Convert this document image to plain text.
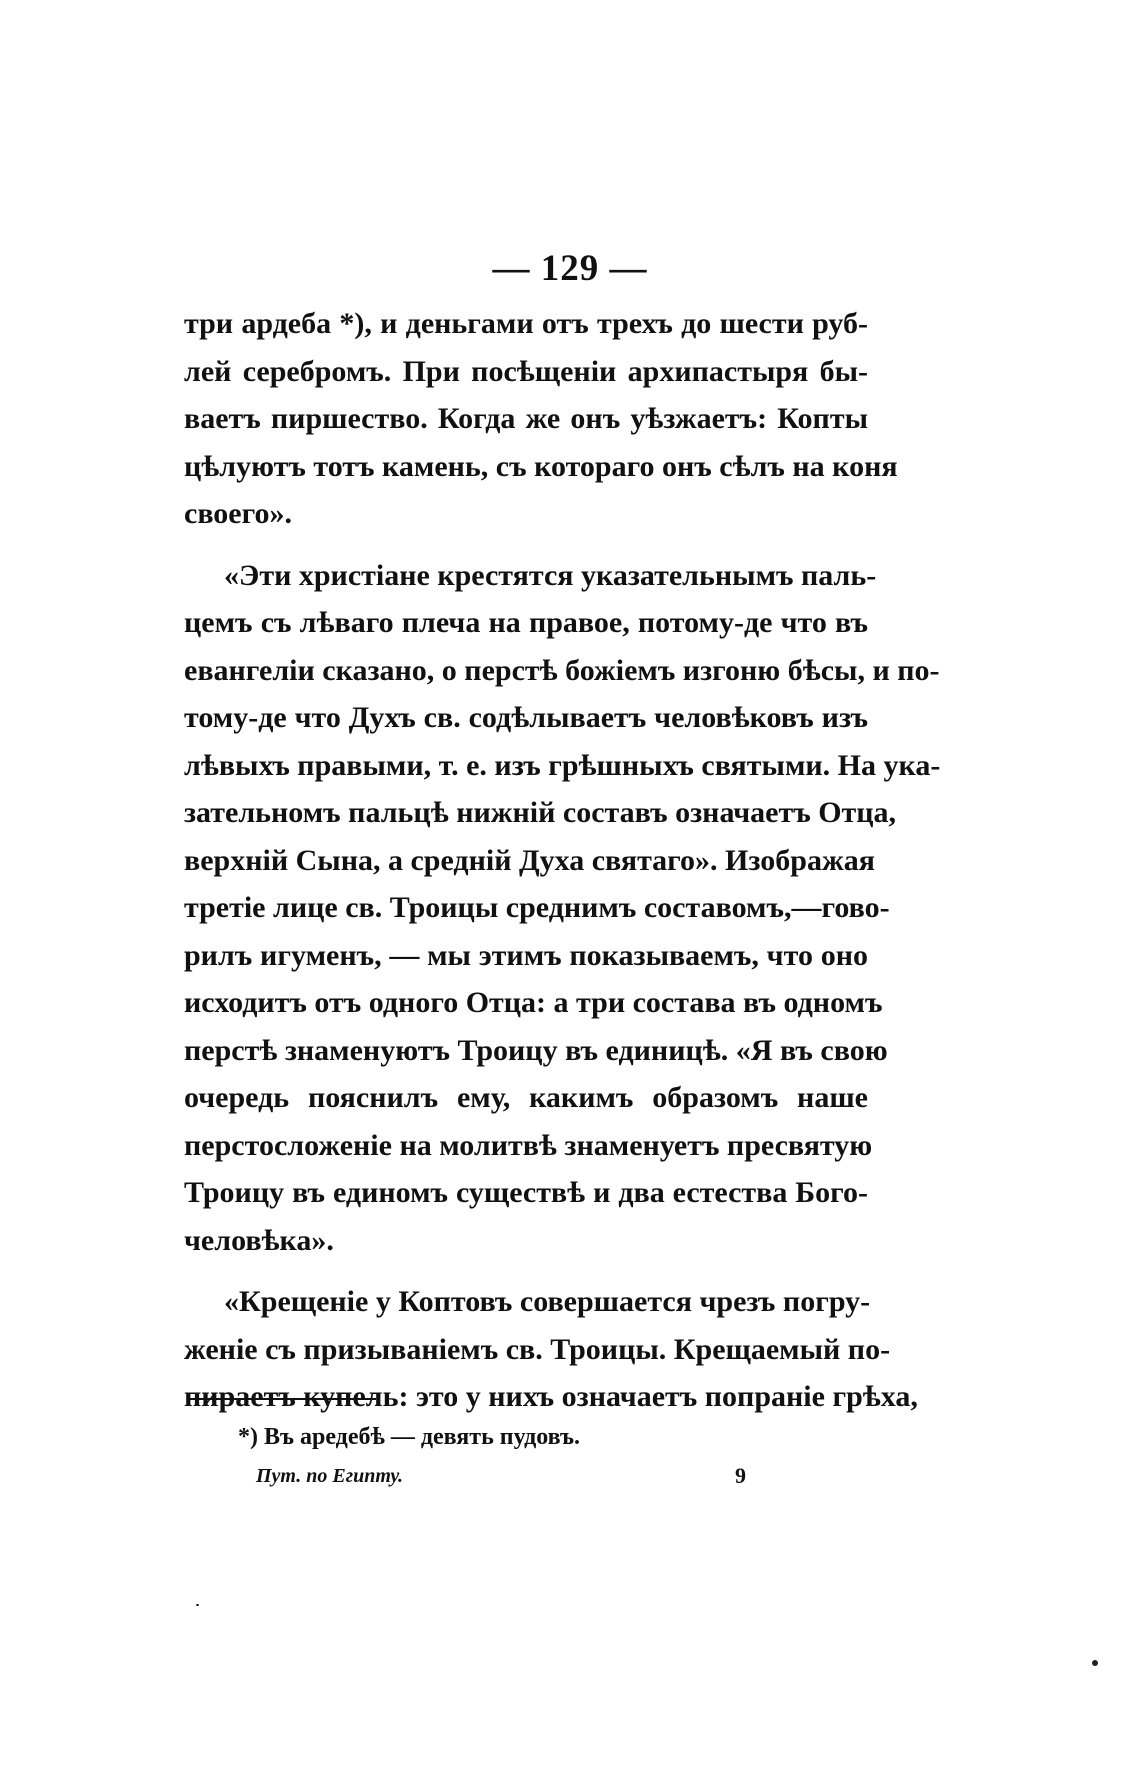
— 129 —
три ардеба *), и деньгами отъ трехъ до шести руб-
лей серебромъ. При посѣщеніи архипастыря бы-
ваетъ пиршество. Когда же онъ уѣзжаетъ: Копты
цѣлуютъ тотъ камень, съ котораго онъ сѣлъ на коня
своего».
«Эти христіане крестятся указательнымъ паль-
цемъ съ лѣваго плеча на правое, потому-де что въ
евангеліи сказано, о перстѣ божіемъ изгоню бѣсы, и по-
тому-де что Духъ св. содѣлываетъ человѣковъ изъ
лѣвыхъ правыми, т. е. изъ грѣшныхъ святыми. На ука-
зательномъ пальцѣ нижній составъ означаетъ Отца,
верхній Сына, а средній Духа святаго». Изображая
третіе лице св. Троицы среднимъ составомъ,—гово-
рилъ игуменъ, — мы этимъ показываемъ, что оно
исходитъ отъ одного Отца: а три состава въ одномъ
перстѣ знаменуютъ Троицу въ единицѣ. «Я въ свою
очередь пояснилъ ему, какимъ образомъ наше
перстосложеніе на молитвѣ знаменуетъ пресвятую
Троицу въ единомъ существѣ и два естества Бого-
человѣка».
«Крещеніе у Коптовъ совершается чрезъ погру-
женіе съ призываніемъ св. Троицы. Крещаемый по-
пираетъ купель: это у нихъ означаетъ попраніе грѣха,
*) Въ аредебѣ — девять пудовъ.
Пут. по Египту.	9
